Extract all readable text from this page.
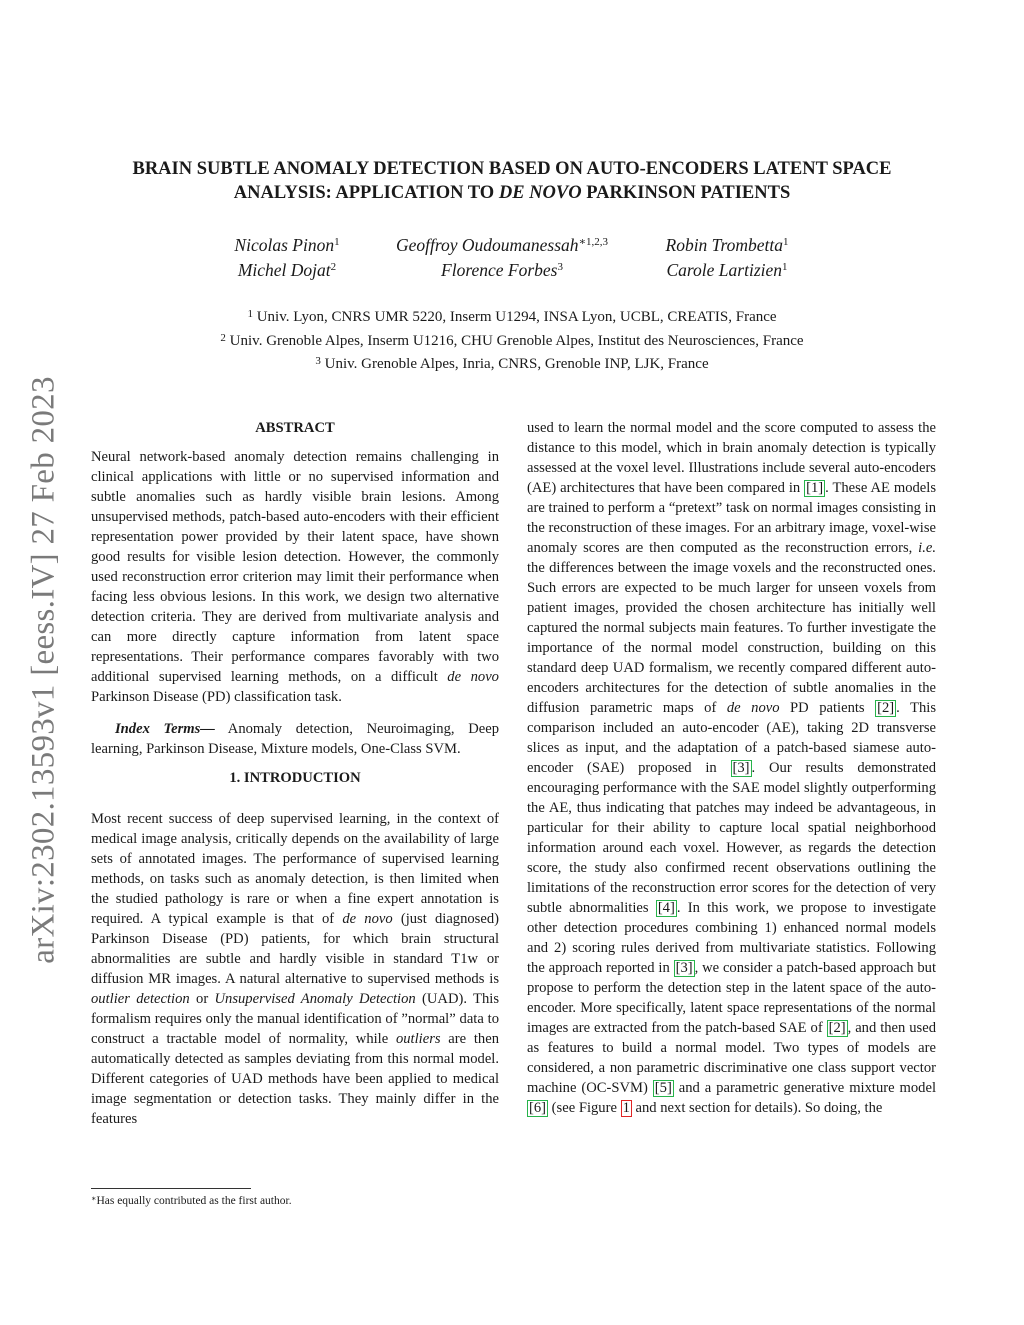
arXiv:2302.13593v1 [eess.IV] 27 Feb 2023
BRAIN SUBTLE ANOMALY DETECTION BASED ON AUTO-ENCODERS LATENT SPACE
ANALYSIS: APPLICATION TO DE NOVO PARKINSON PATIENTS
Nicolas Pinon$^1$	Geoffroy Oudoumanessah$^{∗1,2,3}$	Robin Trombetta$^1$
Michel Dojat$^2$	Florence Forbes$^3$	Carole Lartizien$^1$
$^1$ Univ. Lyon, CNRS UMR 5220, Inserm U1294, INSA Lyon, UCBL, CREATIS, France
$^2$ Univ. Grenoble Alpes, Inserm U1216, CHU Grenoble Alpes, Institut des Neurosciences, France
$^3$ Univ. Grenoble Alpes, Inria, CNRS, Grenoble INP, LJK, France

ABSTRACT

Neural network-based anomaly detection remains challenging in clinical applications with little or no supervised information and subtle anomalies such as hardly visible brain lesions. Among unsupervised methods, patch-based auto-encoders with their efficient representation power provided by their latent space, have shown good results for visible lesion detection. However, the commonly used reconstruction error criterion may limit their performance when facing less obvious lesions. In this work, we design two alternative detection criteria. They are derived from multivariate analysis and can more directly capture information from latent space representations. Their performance compares favorably with two additional supervised learning methods, on a difficult de novo Parkinson Disease (PD) classification task.

Index Terms— Anomaly detection, Neuroimaging, Deep learning, Parkinson Disease, Mixture models, One-Class SVM.

1. INTRODUCTION

Most recent success of deep supervised learning, in the context of medical image analysis, critically depends on the availability of large sets of annotated images. The performance of supervised learning methods, on tasks such as anomaly detection, is then limited when the studied pathology is rare or when a fine expert annotation is required. A typical example is that of de novo (just diagnosed) Parkinson Disease (PD) patients, for which brain structural abnormalities are subtle and hardly visible in standard T1w or diffusion MR images. A natural alternative to supervised methods is outlier detection or Unsupervised Anomaly Detection (UAD). This formalism requires only the manual identification of ”normal” data to construct a tractable model of normality, while outliers are then automatically detected as samples deviating from this normal model. Different categories of UAD methods have been applied to medical image segmentation or detection tasks. They mainly differ in the features

used to learn the normal model and the score computed to assess the distance to this model, which in brain anomaly detection is typically assessed at the voxel level. Illustrations include several auto-encoders (AE) architectures that have been compared in [1] . These AE models are trained to perform a “pretext” task on normal images consisting in the reconstruction of these images. For an arbitrary image, voxel-wise anomaly scores are then computed as the reconstruction errors, i.e. the differences between the image voxels and the reconstructed ones. Such errors are expected to be much larger for unseen voxels from patient images, provided the chosen architecture has initially well captured the normal subjects main features. To further investigate the importance of the normal model construction, building on this standard deep UAD formalism, we recently compared different auto-encoders architectures for the detection of subtle anomalies in the diffusion parametric maps of de novo PD patients [2] . This comparison included an auto-encoder (AE), taking 2D transverse slices as input, and the adaptation of a patch-based siamese auto-encoder (SAE) proposed in [3] . Our results demonstrated encouraging performance with the SAE model slightly outperforming the AE, thus indicating that patches may indeed be advantageous, in particular for their ability to capture local spatial neighborhood information around each voxel. However, as regards the detection score, the study also confirmed recent observations outlining the limitations of the reconstruction error scores for the detection of very subtle abnormalities [4] . In this work, we propose to investigate other detection procedures combining 1) enhanced normal models and 2) scoring rules derived from multivariate statistics. Following the approach reported in [3] , we consider a patch-based approach but propose to perform the detection step in the latent space of the auto-encoder. More specifically, latent space representations of the normal images are extracted from the patch-based SAE of [2] , and then used as features to build a normal model. Two types of models are considered, a non parametric discriminative one class support vector machine (OC-SVM) [5] and a parametric generative mixture model [6] (see Figure 1 and next section for details). So doing, the

∗Has equally contributed as the first author.
